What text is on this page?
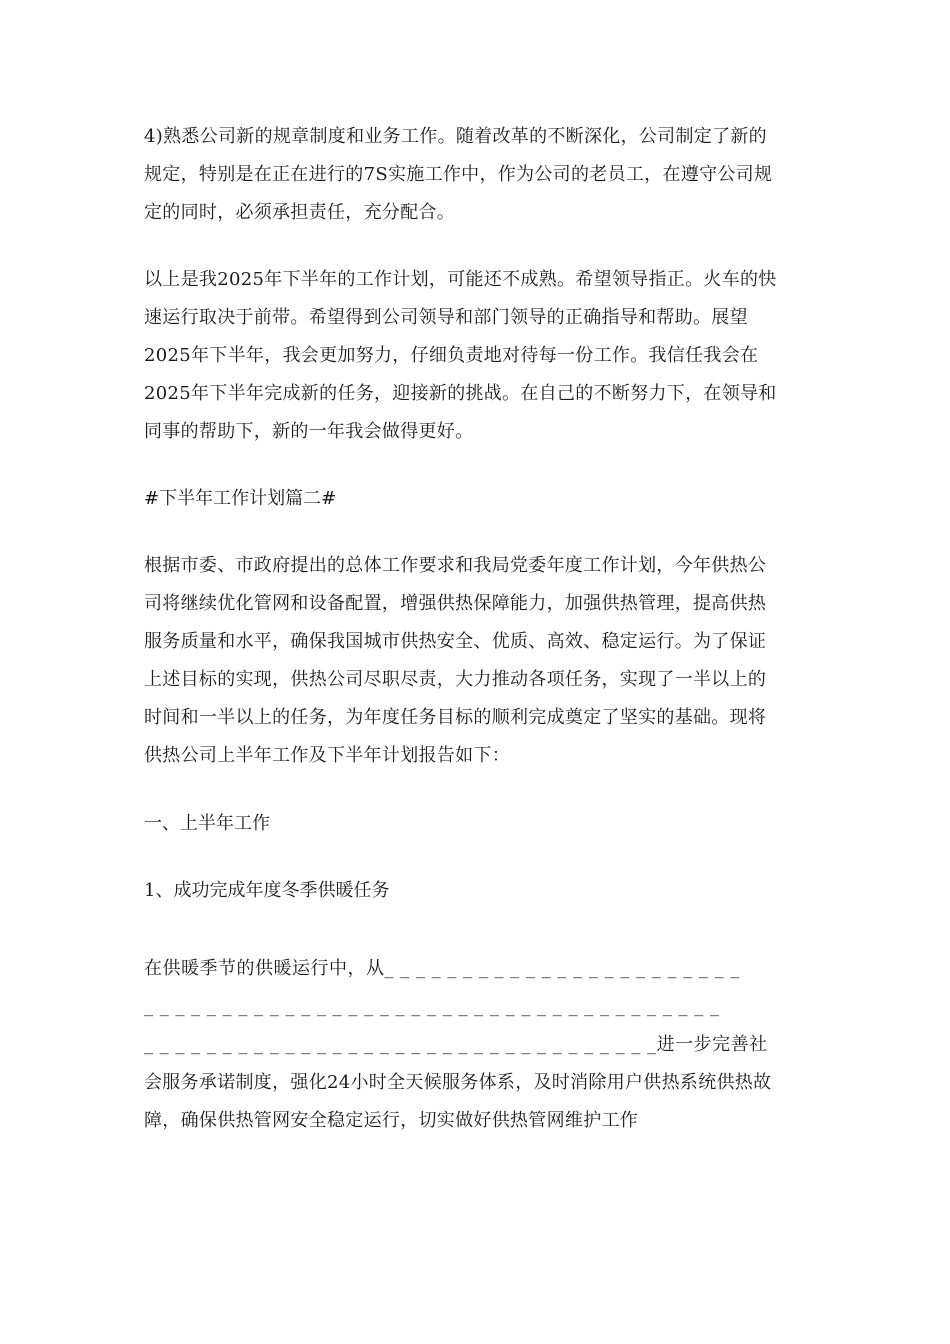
4)熟悉公司新的规章制度和业务工作。随着改革的不断深化，公司制定了新的

规定，特别是在正在进行的7S实施工作中，作为公司的老员工，在遵守公司规

定的同时，必须承担责任，充分配合。

以上是我2025年下半年的工作计划，可能还不成熟。希望领导指正。火车的快

速运行取决于前带。希望得到公司领导和部门领导的正确指导和帮助。展望

2025年下半年，我会更加努力，仔细负责地对待每一份工作。我信任我会在

2025年下半年完成新的任务，迎接新的挑战。在自己的不断努力下，在领导和

同事的帮助下，新的一年我会做得更好。

#下半年工作计划篇二#

根据市委、市政府提出的总体工作要求和我局党委年度工作计划，今年供热公

司将继续优化管网和设备配置，增强供热保障能力，加强供热管理，提高供热

服务质量和水平，确保我国城市供热安全、优质、高效、稳定运行。为了保证

上述目标的实现，供热公司尽职尽责，大力推动各项任务，实现了一半以上的

时间和一半以上的任务，为年度任务目标的顺利完成奠定了坚实的基础。现将

供热公司上半年工作及下半年计划报告如下：

一、上半年工作

1、成功完成年度冬季供暖任务

在供暖季节的供暖运行中，从_ _ _ _ _ _ _ _ _ _ _ _ _ _ _ _ _ _ _ _ _ _ _

_ _ _ _ _ _ _ _ _ _ _ _ _ _ _ _ _ _ _ _ _ _ _ _ _ _ _ _ _ _ _ _ _ _ _ _ _

_ _ _ _ _ _ _ _ _ _ _ _ _ _ _ _ _ _ _ _ _ _ _ _ _ _ _ _ _ _ _ _ _进一步完善社

会服务承诺制度，强化24小时全天候服务体系，及时消除用户供热系统供热故

障，确保供热管网安全稳定运行，切实做好供热管网维护工作
